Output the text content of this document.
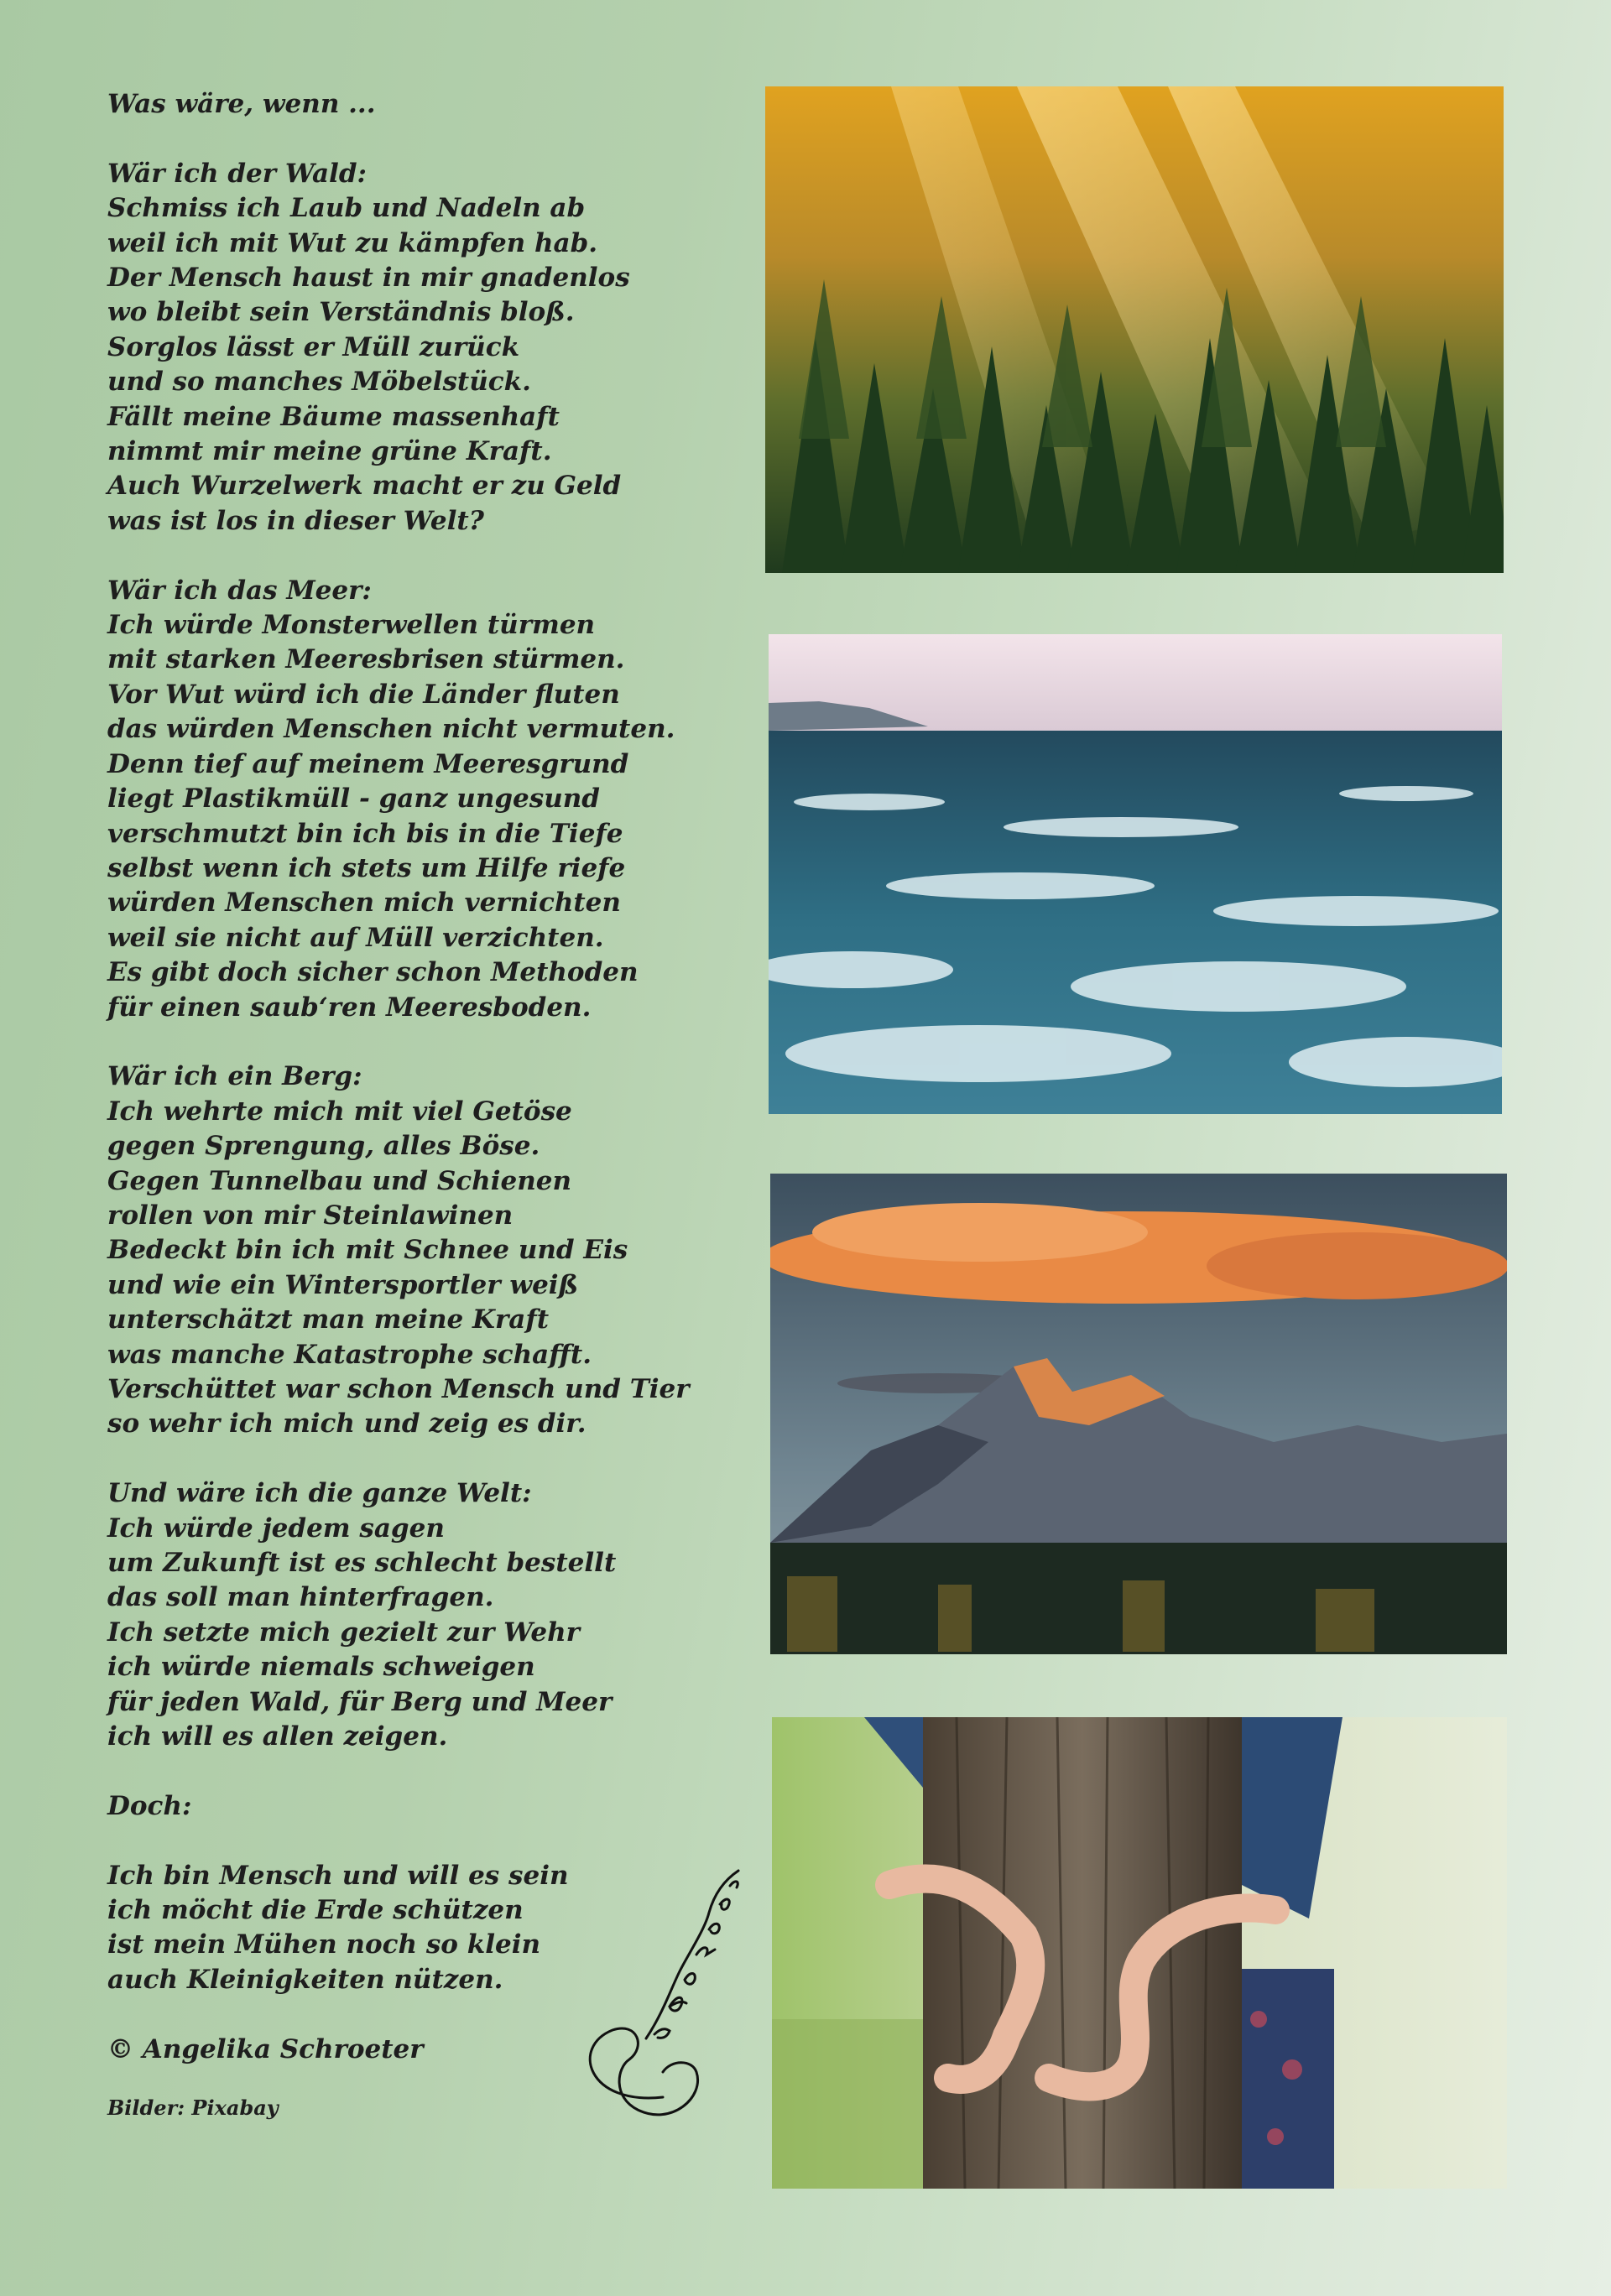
Was wäre, wenn ...
Wär ich der Wald:
Schmiss ich Laub und Nadeln ab
weil ich mit Wut zu kämpfen hab.
Der Mensch haust in mir gnadenlos
wo bleibt sein Verständnis bloß.
Sorglos lässt er Müll zurück
und so manches Möbelstück.
Fällt meine Bäume massenhaft
nimmt mir meine grüne Kraft.
Auch Wurzelwerk macht er zu Geld
was ist los in dieser Welt?
Wär ich das Meer:
Ich würde Monsterwellen türmen
mit starken Meeresbrisen stürmen.
Vor Wut würd ich die Länder fluten
das würden Menschen nicht vermuten.
Denn tief auf meinem Meeresgrund
liegt Plastikmüll - ganz ungesund
verschmutzt bin ich bis in die Tiefe
selbst wenn ich stets um Hilfe riefe
würden Menschen mich vernichten
weil sie nicht auf Müll verzichten.
Es gibt doch sicher schon Methoden
für einen saub‘ren Meeresboden.
Wär ich ein Berg:
Ich wehrte mich mit viel Getöse
gegen Sprengung, alles Böse.
Gegen Tunnelbau und Schienen
rollen von mir Steinlawinen
Bedeckt bin ich mit Schnee und Eis
und wie ein Wintersportler weiß
unterschätzt man meine Kraft
was manche Katastrophe schafft.
Verschüttet war schon Mensch und Tier
so wehr ich mich und zeig es dir.
Und wäre ich die ganze Welt:
Ich würde jedem sagen
um Zukunft ist es schlecht bestellt
das soll man hinterfragen.
Ich setzte mich gezielt zur Wehr
ich würde niemals schweigen
für jeden Wald, für Berg und Meer
ich will es allen zeigen.
Doch:
Ich bin Mensch und will es sein
ich möcht die Erde schützen
ist mein Mühen noch so klein
auch Kleinigkeiten nützen.
© Angelika Schroeter
Bilder: Pixabay
